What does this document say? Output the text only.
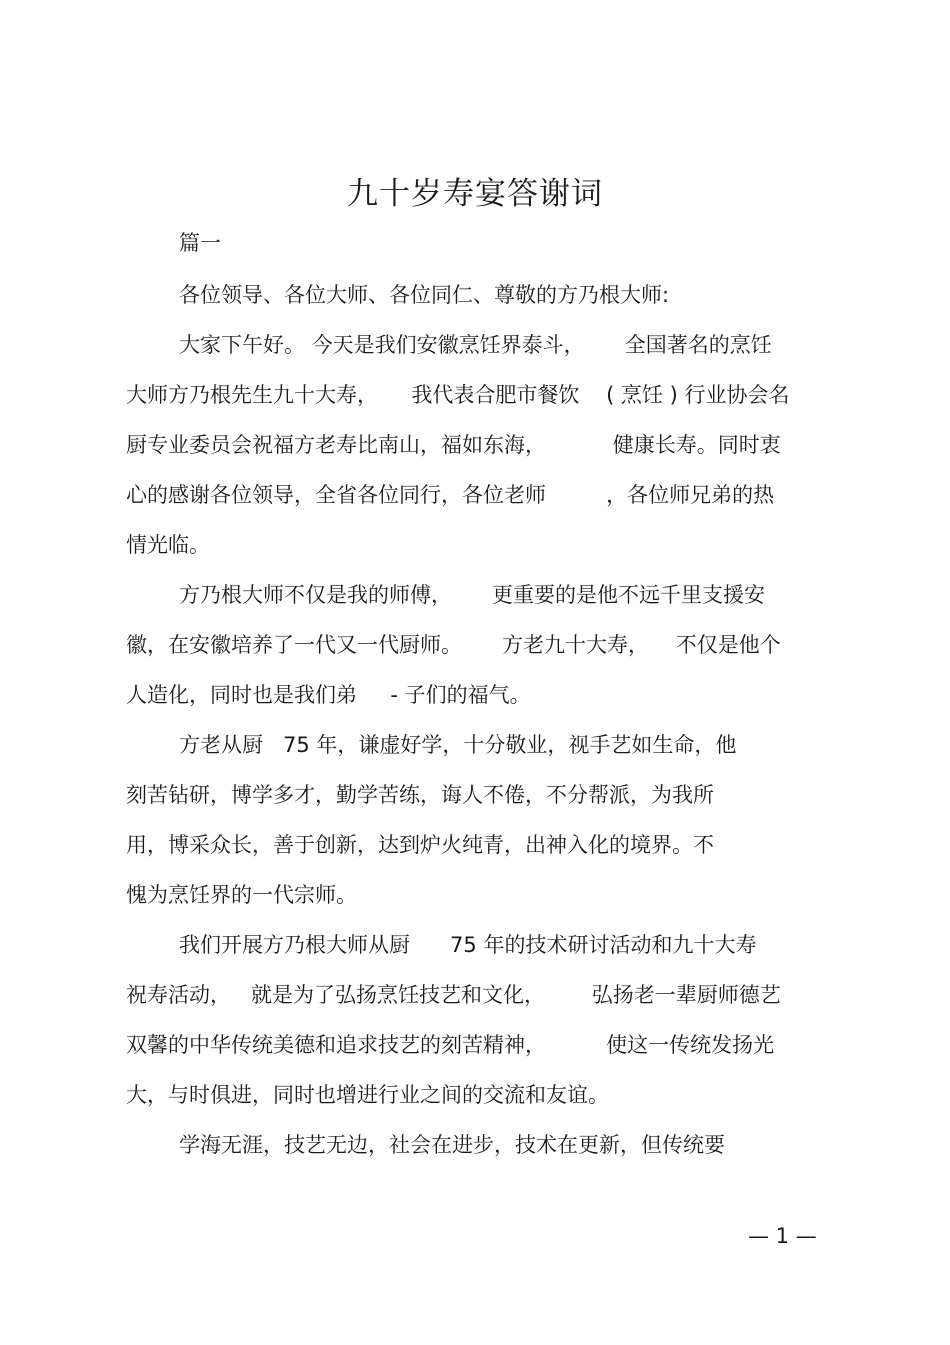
九十岁寿宴答谢词

篇一

各位领导、各位大师、各位同仁、尊敬的方乃根大师:

大家下午好。 今天是我们安徽烹饪界泰斗，      全国著名的烹饪

大师方乃根先生九十大寿，     我代表合肥市餐饮    ( 烹饪 ) 行业协会名

厨专业委员会祝福方老寿比南山，福如东海，          健康长寿。同时衷

心的感谢各位领导，全省各位同行，各位老师         ，各位师兄弟的热

情光临。

方乃根大师不仅是我的师傅，      更重要的是他不远千里支援安

徽，在安徽培养了一代又一代厨师。      方老九十大寿，    不仅是他个

人造化，同时也是我们弟     - 子们的福气。

方老从厨   75 年，谦虚好学，十分敬业，视手艺如生命，他

刻苦钻研，博学多才，勤学苦练，诲人不倦，不分帮派，为我所

用，博采众长，善于创新，达到炉火纯青，出神入化的境界。不

愧为烹饪界的一代宗师。

我们开展方乃根大师从厨      75 年的技术研讨活动和九十大寿

祝寿活动，   就是为了弘扬烹饪技艺和文化，       弘扬老一辈厨师德艺

双馨的中华传统美德和追求技艺的刻苦精神，         使这一传统发扬光

大，与时俱进，同时也增进行业之间的交流和友谊。

学海无涯，技艺无边，社会在进步，技术在更新，但传统要

— 1 —
